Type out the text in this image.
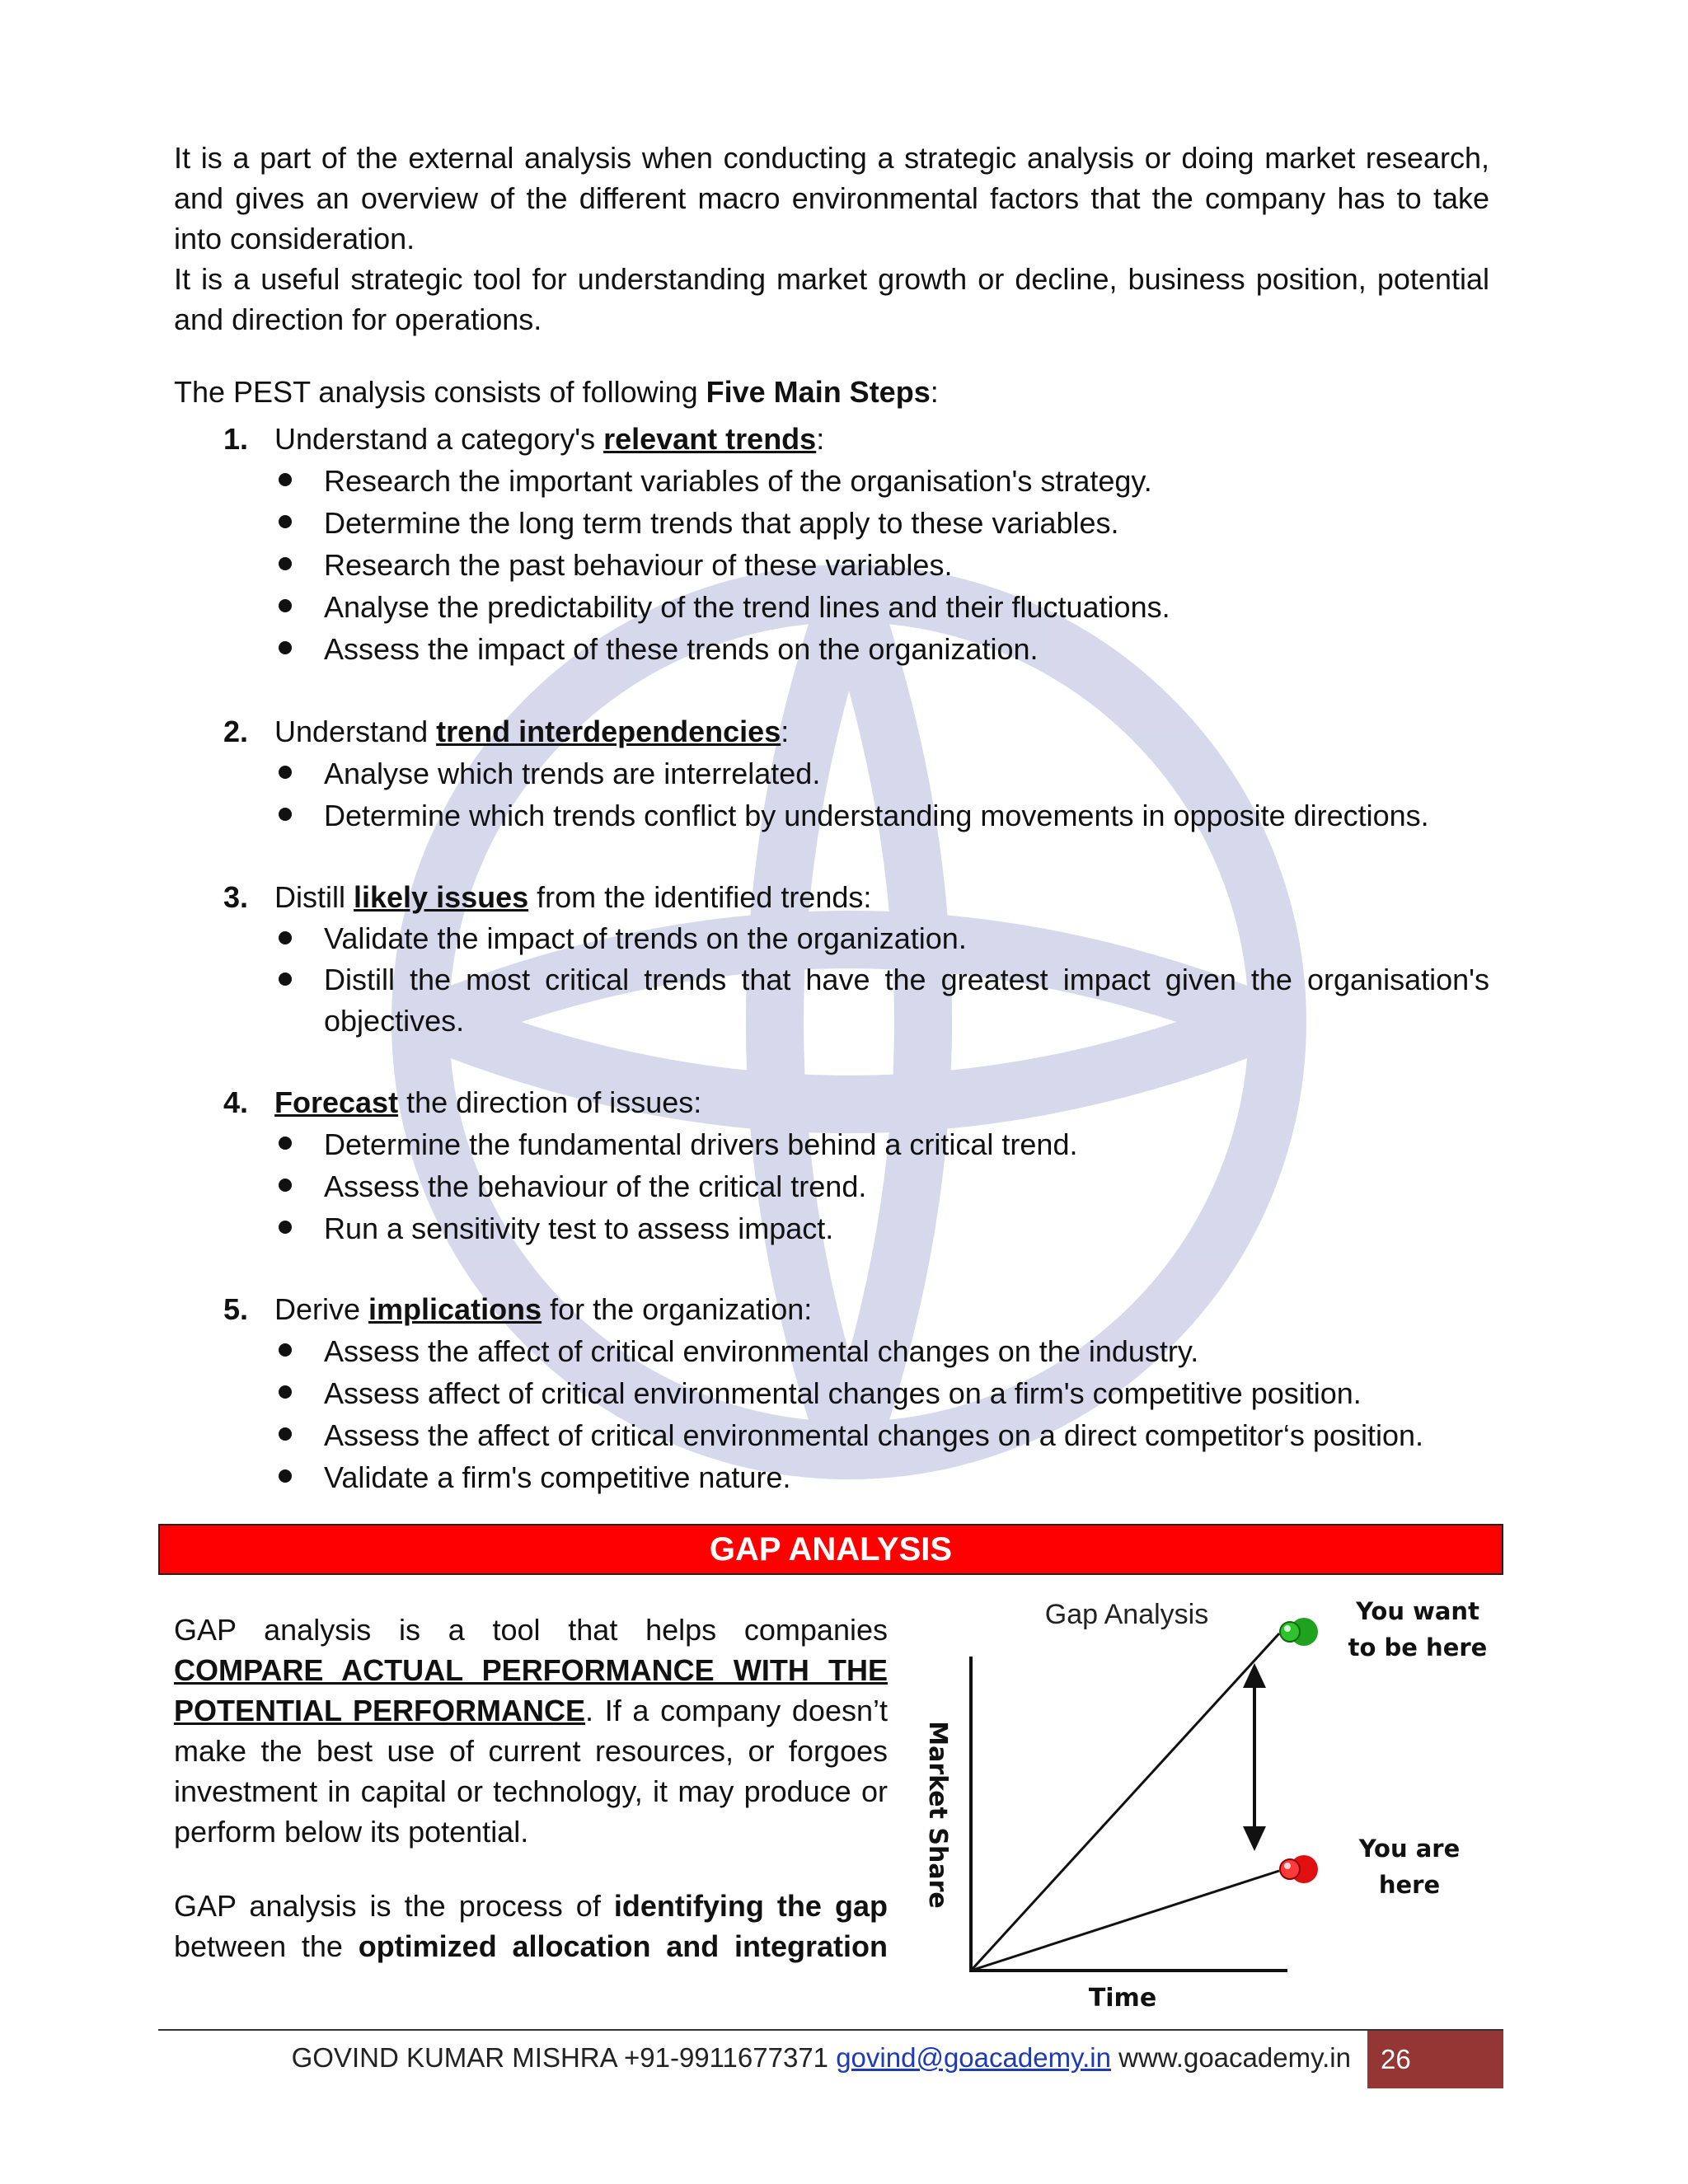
It is a part of the external analysis when conducting a strategic analysis or doing market research, and gives an overview of the different macro environmental factors that the company has to take into consideration.

It is a useful strategic tool for understanding market growth or decline, business position, potential and direction for operations.

The PEST analysis consists of following Five Main Steps:

1. Understand a category's relevant trends:

Research the important variables of the organisation's strategy.
Determine the long term trends that apply to these variables.
Research the past behaviour of these variables.
Analyse the predictability of the trend lines and their fluctuations.
Assess the impact of these trends on the organization.

2. Understand trend interdependencies:

Analyse which trends are interrelated.
Determine which trends conflict by understanding movements in opposite directions.

3. Distill likely issues from the identified trends:

Validate the impact of trends on the organization.
Distill the most critical trends that have the greatest impact given the organisation's objectives.

4. Forecast the direction of issues:

Determine the fundamental drivers behind a critical trend.
Assess the behaviour of the critical trend.
Run a sensitivity test to assess impact.

5. Derive implications for the organization:

Assess the affect of critical environmental changes on the industry.
Assess affect of critical environmental changes on a firm's competitive position.
Assess the affect of critical environmental changes on a direct competitor‘s position.
Validate a firm's competitive nature.
GAP ANALYSIS

GAP analysis is a tool that helps companies

COMPARE ACTUAL PERFORMANCE WITH THE

POTENTIAL PERFORMANCE. If a company doesn’t

make the best use of current resources, or forgoes investment in capital or technology, it may produce or perform below its potential.

GAP analysis is the process of identifying the gap

between the optimized allocation and integration

Gap Analysis
Market Share
Time
You want
to be here
You are
here
GOVIND KUMAR MISHRA +91-9911677371 govind@goacademy.in www.goacademy.in	26
